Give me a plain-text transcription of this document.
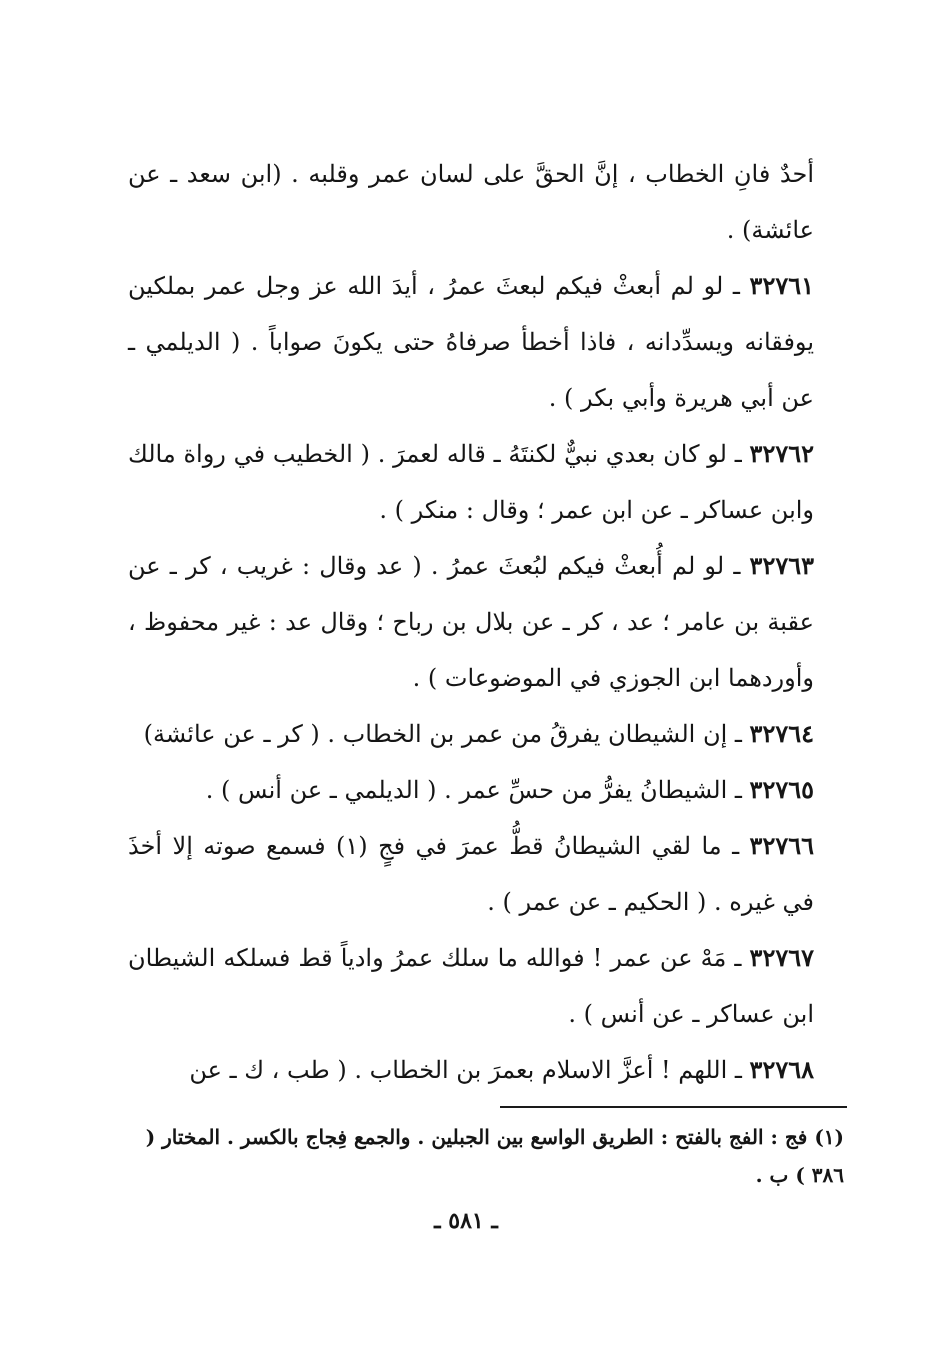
أحدٌ فانِ الخطاب ، إنَّ الحقَّ على لسان عمر وقلبه . (ابن سعد ـ عن عائشة) .

٣٢٧٦١ ـ لو لم أبعثْ فيكم لبعثَ عمرُ ، أيدَ الله عز وجل عمر بملكين يوفقانه ويسدِّدانه ، فاذا أخطأ صرفاهُ حتى يكونَ صواباً . ( الديلمي ـ عن أبي هريرة وأبي بكر ) .

٣٢٧٦٢ ـ لو كان بعدي نبيٌّ لكنتَهُ ـ قاله لعمرَ . ( الخطيب في رواة مالك وابن عساكر ـ عن ابن عمر ؛ وقال : منكر ) .

٣٢٧٦٣ ـ لو لم أُبعثْ فيكم لبُعثَ عمرُ . ( عد وقال : غريب ، كر ـ عن عقبة بن عامر ؛ عد ، كر ـ عن بلال بن رباح ؛ وقال عد : غير محفوظ ، وأوردهما ابن الجوزي في الموضوعات ) .

٣٢٧٦٤ ـ إن الشيطان يفرقُ من عمر بن الخطاب . ( كر ـ عن عائشة)

٣٢٧٦٥ ـ الشيطانُ يفرُّ من حسِّ عمر . ( الديلمي ـ عن أنس ) .

٣٢٧٦٦ ـ ما لقي الشيطانُ قطُّ عمرَ في فجٍ (١) فسمع صوته إلا أخذَ في غيره . ( الحكيم ـ عن عمر ) .

٣٢٧٦٧ ـ مَهْ عن عمر ! فوالله ما سلك عمرُ وادياً قط فسلكه الشيطان ابن عساكر ـ عن أنس ) .

٣٢٧٦٨ ـ اللهم ! أعزَّ الاسلام بعمرَ بن الخطاب . ( طب ، ك ـ عن

(١) فج : الفج بالفتح : الطريق الواسع بين الجبلين . والجمع فِجاج بالكسر . المختار ( ٣٨٦ ) ب .
ـ ٥٨١ ـ
